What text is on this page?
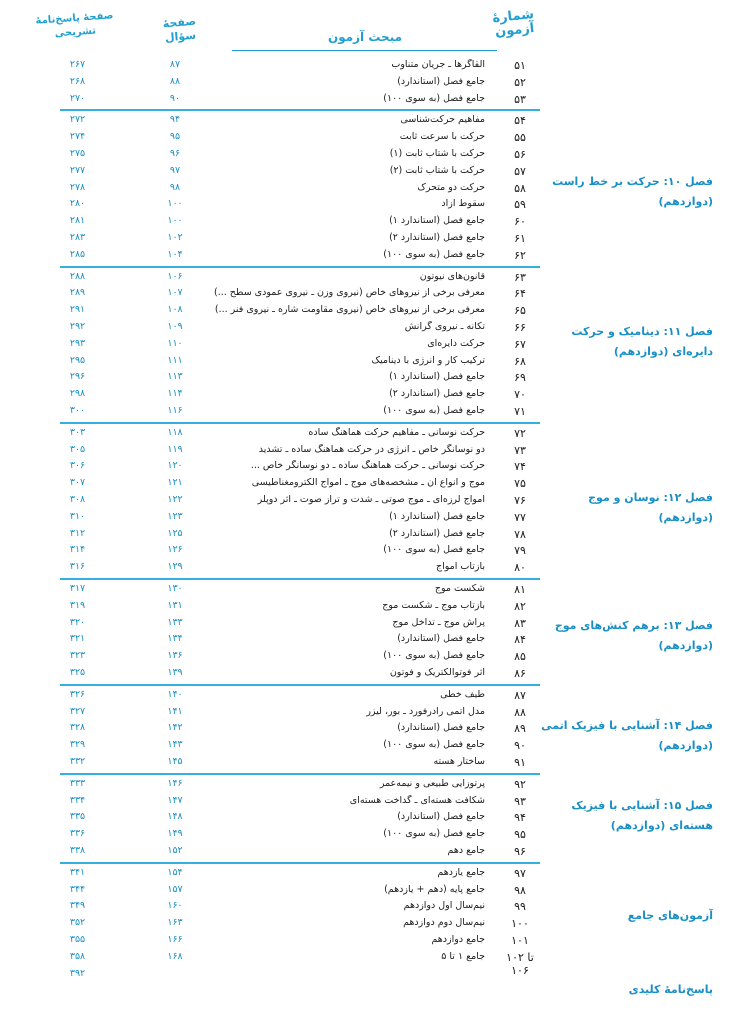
شمارۀ آزمون
مبحث آزمون
صفحۀ سؤال
صفحۀ پاسخ‌نامۀ تشریحی
۵۱
القاگرها ـ جریان متناوب
۸۷
۲۶۷
۵۲
جامع فصل (استاندارد)
۸۸
۲۶۸
۵۳
جامع فصل (به سوی ۱۰۰)
۹۰
۲۷۰
۵۴
مفاهیم حرکت‌شناسی
۹۴
۲۷۲
۵۵
حرکت با سرعت ثابت
۹۵
۲۷۴
۵۶
حرکت با شتاب ثابت (۱)
۹۶
۲۷۵
۵۷
حرکت با شتاب ثابت (۲)
۹۷
۲۷۷
۵۸
حرکت دو متحرک
۹۸
۲۷۸
۵۹
سقوط آزاد
۱۰۰
۲۸۰
۶۰
جامع فصل (استاندارد ۱)
۱۰۰
۲۸۱
۶۱
جامع فصل (استاندارد ۲)
۱۰۲
۲۸۳
۶۲
جامع فصل (به سوی ۱۰۰)
۱۰۴
۲۸۵
۶۳
قانون‌های نیوتون
۱۰۶
۲۸۸
۶۴
معرفی برخی از نیروهای خاص (نیروی وزن ـ نیروی عمودی سطح ...)
۱۰۷
۲۸۹
۶۵
معرفی برخی از نیروهای خاص (نیروی مقاومت شاره ـ نیروی فنر ...)
۱۰۸
۲۹۱
۶۶
تکانه ـ نیروی گرانش
۱۰۹
۲۹۲
۶۷
حرکت دایره‌ای
۱۱۰
۲۹۳
۶۸
ترکیب کار و انرژی با دینامیک
۱۱۱
۲۹۵
۶۹
جامع فصل (استاندارد ۱)
۱۱۳
۲۹۶
۷۰
جامع فصل (استاندارد ۲)
۱۱۴
۲۹۸
۷۱
جامع فصل (به سوی ۱۰۰)
۱۱۶
۳۰۰
۷۲
حرکت نوسانی ـ مفاهیم حرکت هماهنگ ساده
۱۱۸
۳۰۳
۷۳
دو نوسانگر خاص ـ انرژی در حرکت هماهنگ ساده ـ تشدید
۱۱۹
۳۰۵
۷۴
حرکت نوسانی ـ حرکت هماهنگ ساده ـ دو نوسانگر خاص ...
۱۲۰
۳۰۶
۷۵
موج و انواع آن ـ مشخصه‌های موج ـ امواج الکترومغناطیسی
۱۲۱
۳۰۷
۷۶
امواج لرزه‌ای ـ موج صوتی ـ شدت و تراز صوت ـ اثر دوپلر
۱۲۲
۳۰۸
۷۷
جامع فصل (استاندارد ۱)
۱۲۳
۳۱۰
۷۸
جامع فصل (استاندارد ۲)
۱۲۵
۳۱۲
۷۹
جامع فصل (به سوی ۱۰۰)
۱۲۶
۳۱۴
۸۰
بازتاب امواج
۱۲۹
۳۱۶
۸۱
شکست موج
۱۳۰
۳۱۷
۸۲
بازتاب موج ـ شکست موج
۱۳۱
۳۱۹
۸۳
پراش موج ـ تداخل موج
۱۳۳
۳۲۰
۸۴
جامع فصل (استاندارد)
۱۳۴
۳۲۱
۸۵
جامع فصل (به سوی ۱۰۰)
۱۳۶
۳۲۳
۸۶
اثر فوتوالکتریک و فوتون
۱۳۹
۳۲۵
۸۷
طیف خطی
۱۴۰
۳۲۶
۸۸
مدل اتمی رادرفورد ـ بور، لیزر
۱۴۱
۳۲۷
۸۹
جامع فصل (استاندارد)
۱۴۲
۳۲۸
۹۰
جامع فصل (به سوی ۱۰۰)
۱۴۳
۳۲۹
۹۱
ساختار هسته
۱۴۵
۳۳۲
۹۲
پرتوزایی طبیعی و نیمه‌عمر
۱۴۶
۳۳۳
۹۳
شکافت هسته‌ای ـ گداخت هسته‌ای
۱۴۷
۳۳۴
۹۴
جامع فصل (استاندارد)
۱۴۸
۳۳۵
۹۵
جامع فصل (به سوی ۱۰۰)
۱۴۹
۳۳۶
۹۶
جامع دهم
۱۵۲
۳۳۸
۹۷
جامع یازدهم
۱۵۴
۳۴۱
۹۸
جامع پایه (دهم + یازدهم)
۱۵۷
۳۴۴
۹۹
نیم‌سال اول دوازدهم
۱۶۰
۳۴۹
۱۰۰
نیم‌سال دوم دوازدهم
۱۶۳
۳۵۲
۱۰۱
جامع دوازدهم
۱۶۶
۳۵۵
۱۰۲ تا ۱۰۶
جامع ۱ تا ۵
۱۶۸
۳۵۸
۳۹۲
فصل ۱۰: حرکت بر خط راست (دوازدهم)
فصل ۱۱: دینامیک و حرکت دایره‌ای (دوازدهم)
فصل ۱۲: نوسان و موج (دوازدهم)
فصل ۱۳: برهم کنش‌های موج (دوازدهم)
فصل ۱۴: آشنایی با فیزیک اتمی (دوازدهم)
فصل ۱۵: آشنایی با فیزیک هسته‌ای (دوازدهم)
آزمون‌های جامع
پاسخ‌نامۀ کلیدی
